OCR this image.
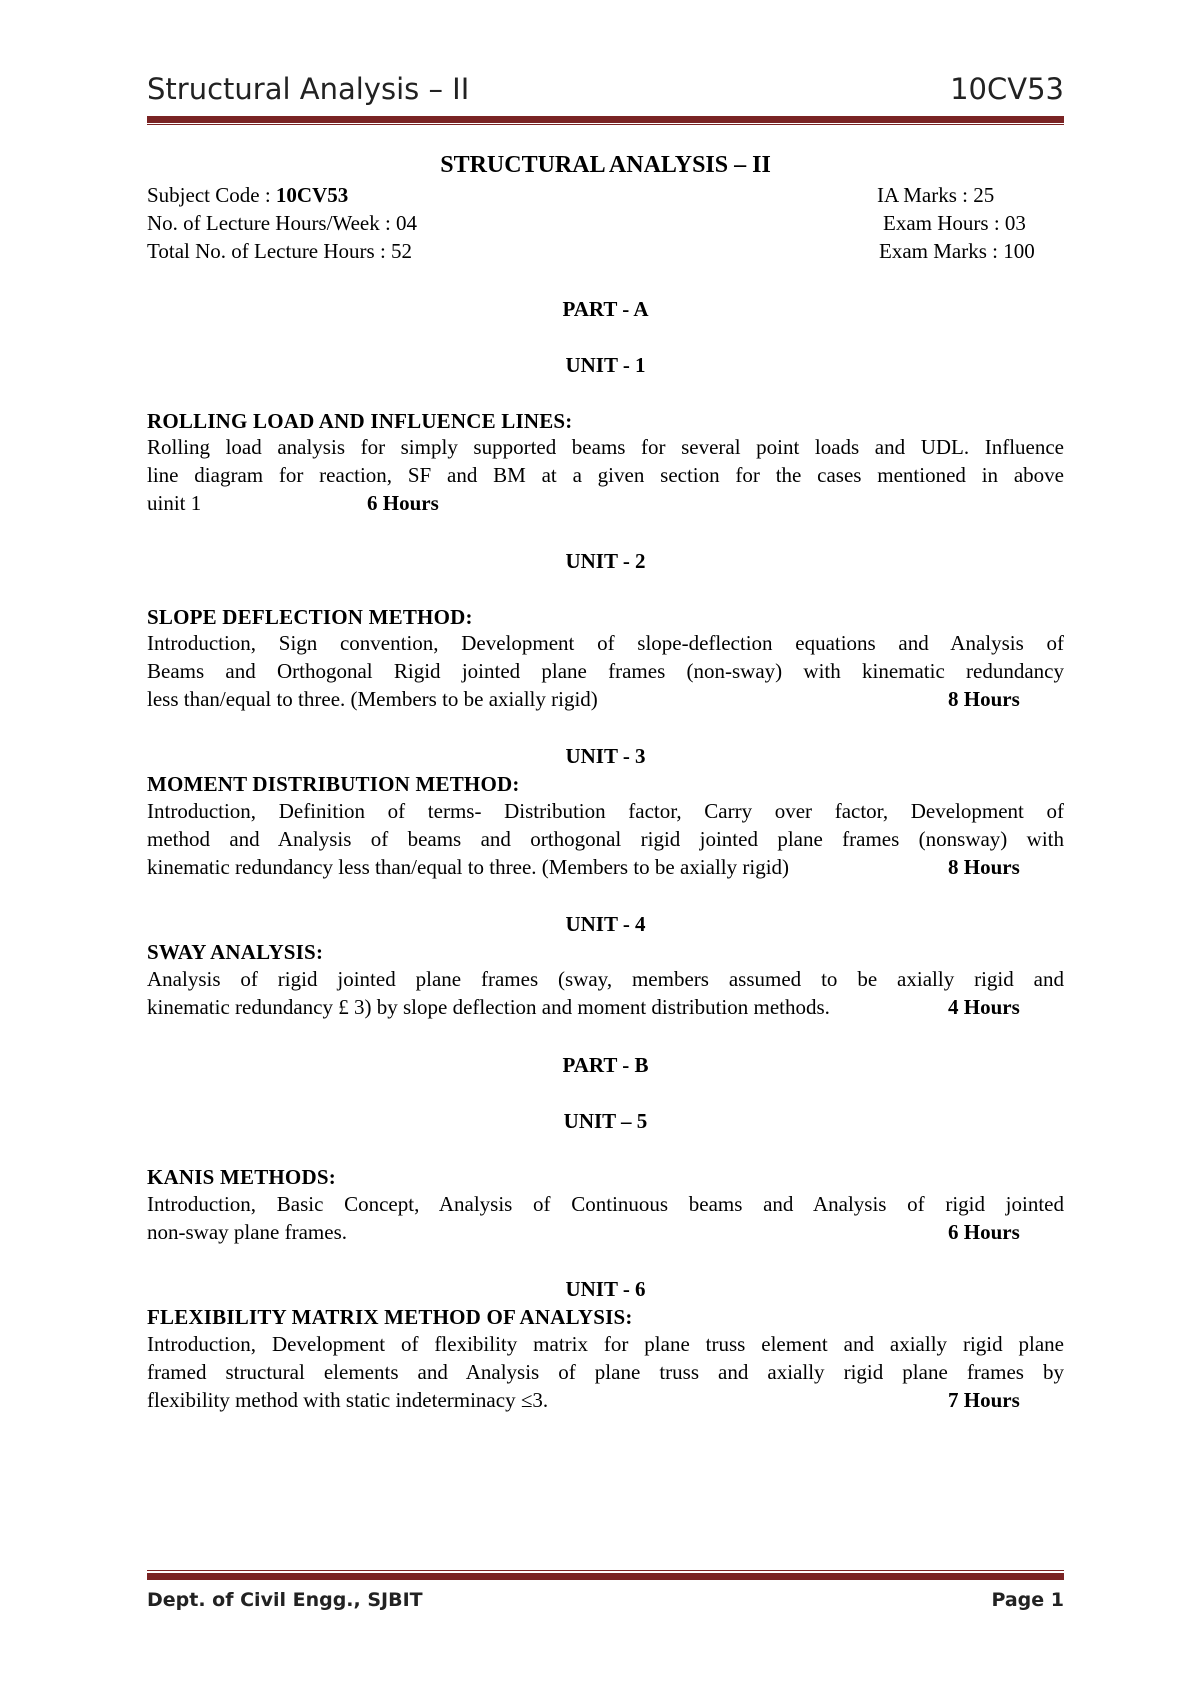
Structural Analysis – II	10CV53
STRUCTURAL ANALYSIS – II
Subject Code : 10CV53	IA Marks : 25
No. of Lecture Hours/Week : 04	Exam Hours : 03
Total No. of Lecture Hours : 52	Exam Marks : 100
PART - A
UNIT - 1
ROLLING LOAD AND INFLUENCE LINES:
Rolling load analysis for simply supported beams for several point loads and UDL. Influence
line diagram for reaction, SF and BM at a given section for the cases mentioned in above
uinit 1	6 Hours
UNIT - 2
SLOPE DEFLECTION METHOD:
Introduction, Sign convention, Development of slope-deflection equations and Analysis of
Beams and Orthogonal Rigid jointed plane frames (non-sway) with kinematic redundancy
less than/equal to three. (Members to be axially rigid)	8 Hours
UNIT - 3
MOMENT DISTRIBUTION METHOD:
Introduction, Definition of terms- Distribution factor, Carry over factor, Development of
method and Analysis of beams and orthogonal rigid jointed plane frames (nonsway) with
kinematic redundancy less than/equal to three. (Members to be axially rigid)	8 Hours
UNIT - 4
SWAY ANALYSIS:
Analysis of rigid jointed plane frames (sway, members assumed to be axially rigid and
kinematic redundancy £ 3) by slope deflection and moment distribution methods.	4 Hours
PART - B
UNIT – 5
KANIS METHODS:
Introduction, Basic Concept, Analysis of Continuous beams and Analysis of rigid jointed
non-sway plane frames.	6 Hours
UNIT - 6
FLEXIBILITY MATRIX METHOD OF ANALYSIS:
Introduction, Development of flexibility matrix for plane truss element and axially rigid plane
framed structural elements and Analysis of plane truss and axially rigid plane frames by
flexibility method with static indeterminacy ≤3.	7 Hours
Dept. of Civil Engg., SJBIT	Page 1
